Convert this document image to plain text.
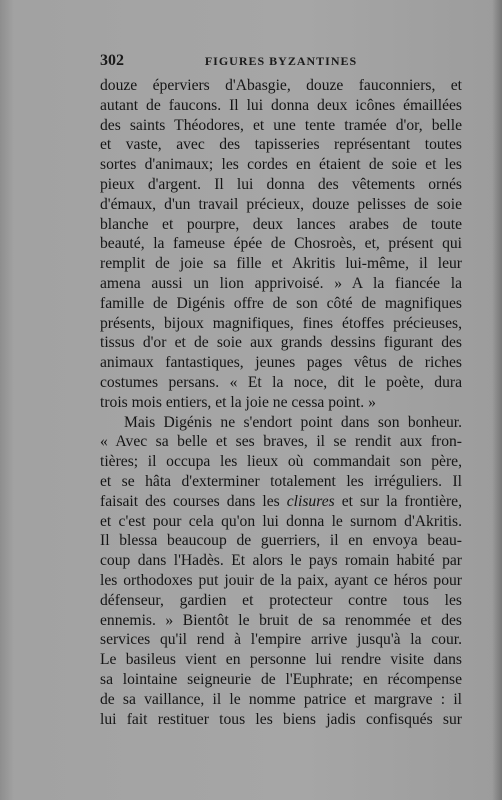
302	FIGURES BYZANTINES
douze éperviers d'Abasgie, douze fauconniers, et
autant de faucons. Il lui donna deux icônes émaillées
des saints Théodores, et une tente tramée d'or, belle
et vaste, avec des tapisseries représentant toutes
sortes d'animaux; les cordes en étaient de soie et les
pieux d'argent. Il lui donna des vêtements ornés
d'émaux, d'un travail précieux, douze pelisses de soie
blanche et pourpre, deux lances arabes de toute
beauté, la fameuse épée de Chosroès, et, présent qui
remplit de joie sa fille et Akritis lui-même, il leur
amena aussi un lion apprivoisé. » A la fiancée la
famille de Digénis offre de son côté de magnifiques
présents, bijoux magnifiques, fines étoffes précieuses,
tissus d'or et de soie aux grands dessins figurant des
animaux fantastiques, jeunes pages vêtus de riches
costumes persans. « Et la noce, dit le poète, dura
trois mois entiers, et la joie ne cessa point. »
Mais Digénis ne s'endort point dans son bonheur.
« Avec sa belle et ses braves, il se rendit aux fron-
tières; il occupa les lieux où commandait son père,
et se hâta d'exterminer totalement les irréguliers. Il
faisait des courses dans les clisures et sur la frontière,
et c'est pour cela qu'on lui donna le surnom d'Akritis.
Il blessa beaucoup de guerriers, il en envoya beau-
coup dans l'Hadès. Et alors le pays romain habité par
les orthodoxes put jouir de la paix, ayant ce héros pour
défenseur, gardien et protecteur contre tous les
ennemis. » Bientôt le bruit de sa renommée et des
services qu'il rend à l'empire arrive jusqu'à la cour.
Le basileus vient en personne lui rendre visite dans
sa lointaine seigneurie de l'Euphrate; en récompense
de sa vaillance, il le nomme patrice et margrave : il
lui fait restituer tous les biens jadis confisqués sur
